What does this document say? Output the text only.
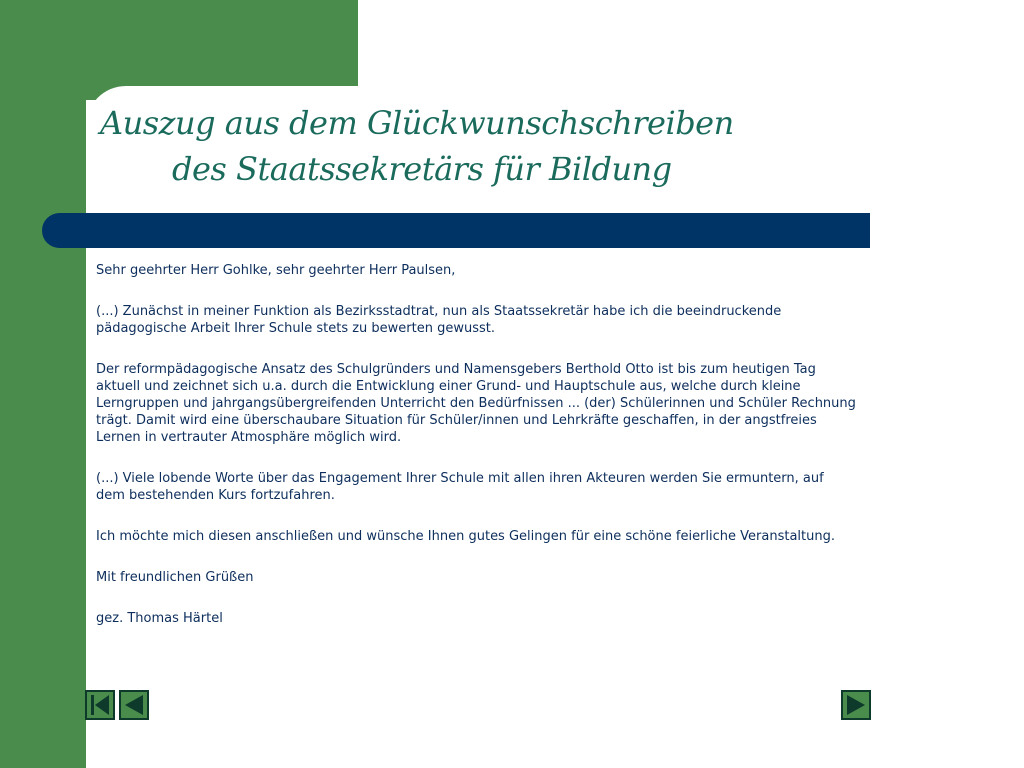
Auszug aus dem Glückwunschschreiben
des Staatssekretärs für Bildung

Sehr geehrter Herr Gohlke, sehr geehrter Herr Paulsen,

(...) Zunächst in meiner Funktion als Bezirksstadtrat, nun als Staatssekretär habe ich die beeindruckende pädagogische Arbeit Ihrer Schule stets zu bewerten gewusst.

Der reformpädagogische Ansatz des Schulgründers und Namensgebers Berthold Otto ist bis zum heutigen Tag aktuell und zeichnet sich u.a. durch die Entwicklung einer Grund- und Hauptschule aus, welche durch kleine Lerngruppen und jahrgangsübergreifenden Unterricht den Bedürfnissen ... (der) Schülerinnen und Schüler Rechnung trägt. Damit wird eine überschaubare Situation für Schüler/innen und Lehrkräfte geschaffen, in der angstfreies Lernen in vertrauter Atmosphäre möglich wird.

(...) Viele lobende Worte über das Engagement Ihrer Schule mit allen ihren Akteuren werden Sie ermuntern, auf dem bestehenden Kurs fortzufahren.

Ich möchte mich diesen anschließen und wünsche Ihnen gutes Gelingen für eine schöne feierliche Veranstaltung.

Mit freundlichen Grüßen

gez. Thomas Härtel
